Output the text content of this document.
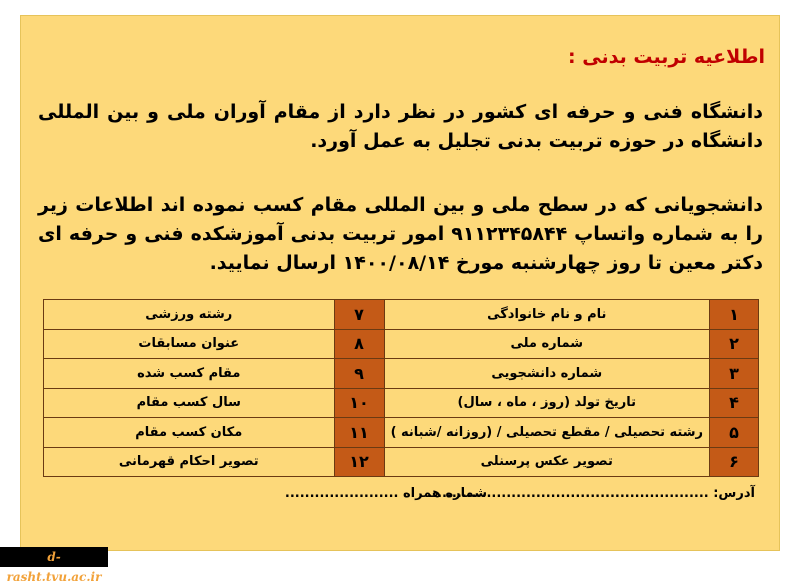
اطلاعیه تربیت بدنی :
دانشگاه فنی و حرفه ای کشور در نظر دارد از مقام آوران ملی و بین المللی دانشگاه در حوزه تربیت بدنی تجلیل به عمل آورد.
دانشجویانی که در سطح ملی و بین المللی مقام کسب نموده اند اطلاعات زیر را به شماره واتساپ ۹۱۱۲۳۴۵۸۴۴ امور تربیت بدنی آموزشکده فنی و حرفه ای دکتر معین تا روز چهارشنبه مورخ ۱۴۰۰/۰۸/۱۴ ارسال نمایید.
۱	نام و نام خانوادگی	۷	رشته ورزشی
۲	شماره ملی	۸	عنوان مسابقات
۳	شماره دانشجویی	۹	مقام کسب شده
۴	تاریخ تولد (روز ، ماه ، سال)	۱۰	سال کسب مقام
۵	رشته تحصیلی / مقطع تحصیلی / (روزانه /شبانه )	۱۱	مکان کسب مقام
۶	تصویر عکس پرسنلی	۱۲	تصویر احکام قهرمانی
آدرس: .........................................................
شماره همراه .......................
d-rasht.tvu.ac.ir
